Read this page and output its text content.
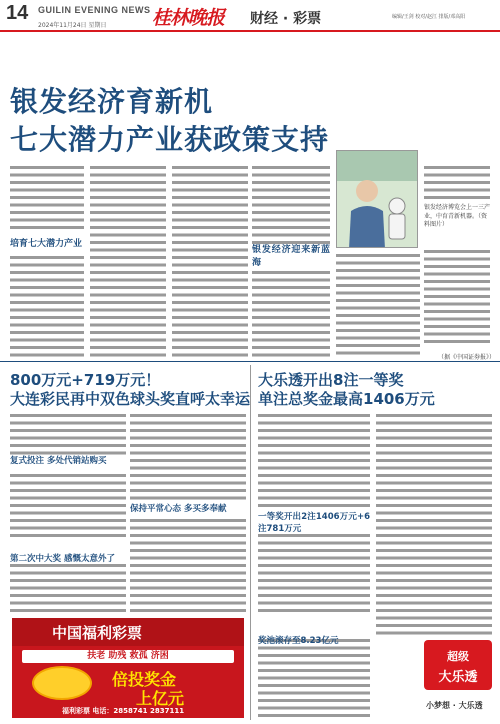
14 GUILIN EVENING NEWS
2024年11月24日 星期日 桂林晚报 财经 · 彩票	编辑/王剑 校对/赵江 排版/邓高阳
银发经济育新机
七大潜力产业获政策支持
培育七大潜力产业
银发经济迎来新蓝海
银发经济博览会上一三产业，中育青新机器。（资料图片）
（据《中国证券报》）
800万元+719万元！
大连彩民再中双色球头奖直呼太幸运
复式投注 多处代销站购买
第二次中大奖 感慨太意外了
保持平常心态 多买多奉献
大乐透开出8注一等奖
单注总奖金最高1406万元
一等奖开出2注1406万元+6注781万元
奖池滚存至8.23亿元
中国福利彩票
扶老 助残 救孤 济困
倍投奖金
上亿元
福利彩票 电话：2858741 2837111
超级
大乐透
小梦想 · 大乐透
